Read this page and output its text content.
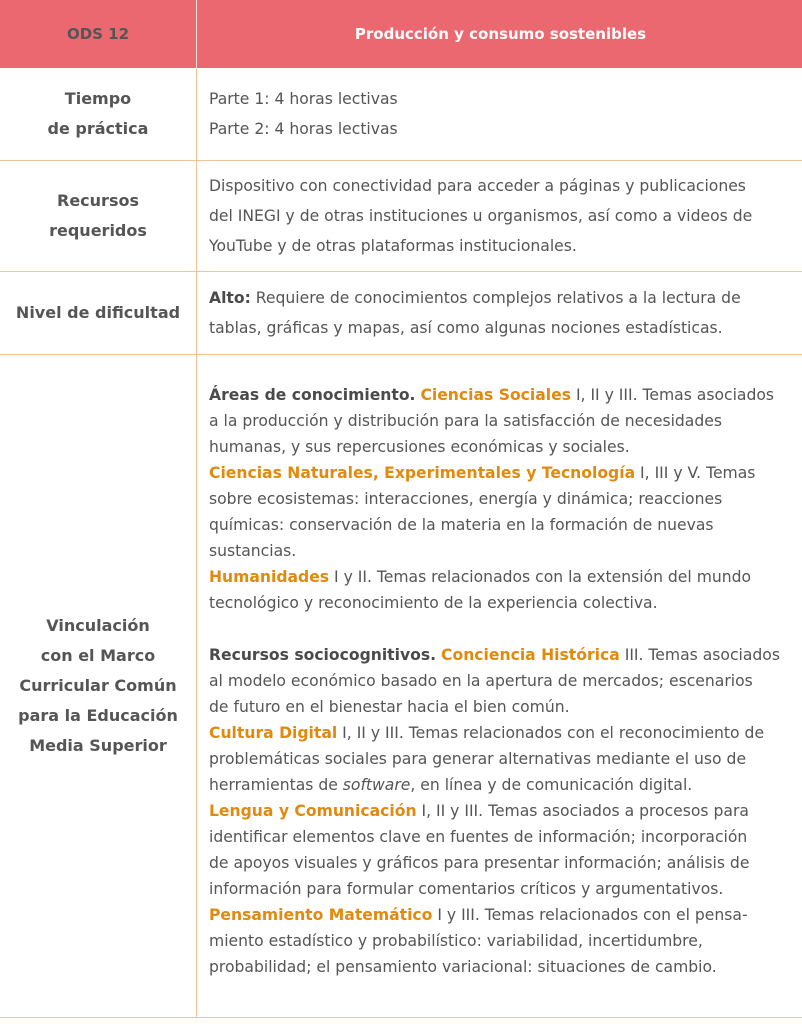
ODS 12	Producción y consumo sostenibles
Tiempo
de práctica

Parte 1: 4 horas lectivas

Parte 2: 4 horas lectivas

Recursos
requeridos

Dispositivo con conectividad para acceder a páginas y publicaciones

del INEGI y de otras instituciones u organismos, así como a videos de

YouTube y de otras plataformas institucionales.

Nivel de dificultad

Alto: Requiere de conocimientos complejos relativos a la lectura de

tablas, gráficas y mapas, así como algunas nociones estadísticas.

Vinculación
con el Marco
Curricular Común
para la Educación
Media Superior

Áreas de conocimiento. Ciencias Sociales I, II y III. Temas asociados

a la producción y distribución para la satisfacción de necesidades

humanas, y sus repercusiones económicas y sociales.

Ciencias Naturales, Experimentales y Tecnología I, III y V. Temas

sobre ecosistemas: interacciones, energía y dinámica; reacciones

químicas: conservación de la materia en la formación de nuevas

sustancias.

Humanidades I y II. Temas relacionados con la extensión del mundo

tecnológico y reconocimiento de la experiencia colectiva.

Recursos sociocognitivos. Conciencia Histórica III. Temas asociados

al modelo económico basado en la apertura de mercados; escenarios

de futuro en el bienestar hacia el bien común.

Cultura Digital I, II y III. Temas relacionados con el reconocimiento de

problemáticas sociales para generar alternativas mediante el uso de

herramientas de software, en línea y de comunicación digital.

Lengua y Comunicación I, II y III. Temas asociados a procesos para

identificar elementos clave en fuentes de información; incorporación

de apoyos visuales y gráficos para presentar información; análisis de

información para formular comentarios críticos y argumentativos.

Pensamiento Matemático I y III. Temas relacionados con el pensa-

miento estadístico y probabilístico: variabilidad, incertidumbre,

probabilidad; el pensamiento variacional: situaciones de cambio.
